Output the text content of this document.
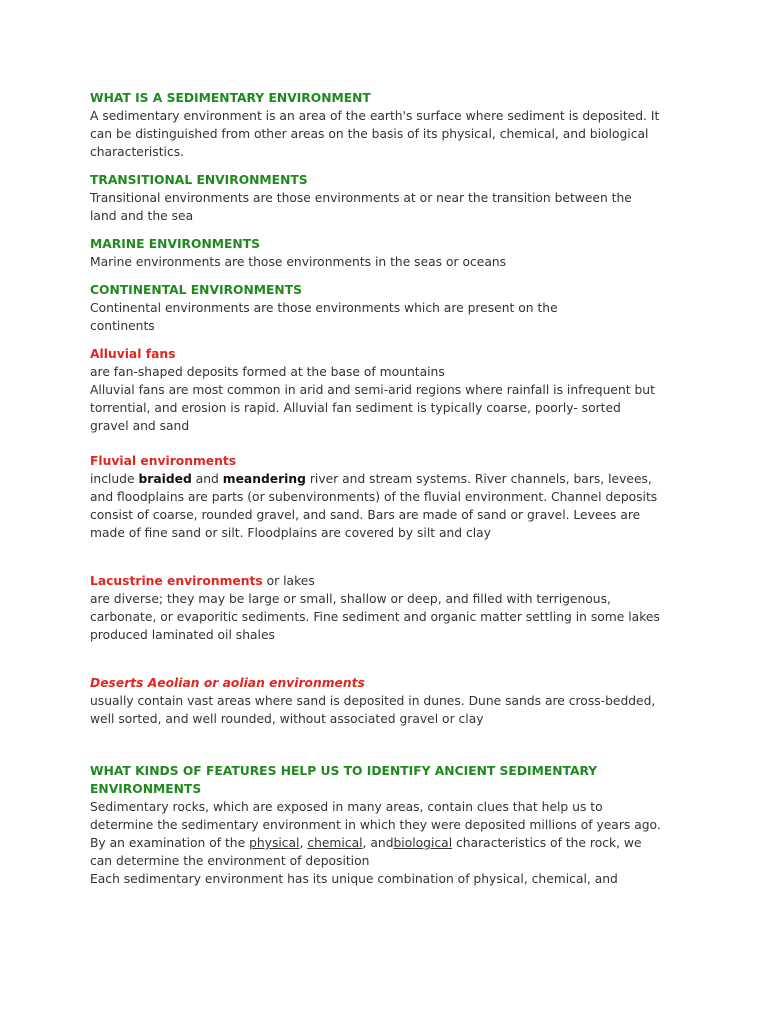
WHAT IS A SEDIMENTARY ENVIRONMENT

A sedimentary environment is an area of the earth's surface where sediment is deposited. It

can be distinguished from other areas on the basis of its physical, chemical, and biological

characteristics.

TRANSITIONAL ENVIRONMENTS

Transitional environments are those environments at or near the transition between the

land and the sea

MARINE ENVIRONMENTS

Marine environments are those environments in the seas or oceans

CONTINENTAL ENVIRONMENTS

Continental environments are those environments which are present on the

continents

Alluvial fans

are fan-shaped deposits formed at the base of mountains

Alluvial fans are most common in arid and semi-arid regions where rainfall is infrequent but

torrential, and erosion is rapid. Alluvial fan sediment is typically coarse, poorly- sorted

gravel and sand

Fluvial environments

include braided and meandering river and stream systems. River channels, bars, levees,

and floodplains are parts (or subenvironments) of the fluvial environment. Channel deposits

consist of coarse, rounded gravel, and sand. Bars are made of sand or gravel. Levees are

made of fine sand or silt. Floodplains are covered by silt and clay

Lacustrine environments or lakes

are diverse; they may be large or small, shallow or deep, and filled with terrigenous,

carbonate, or evaporitic sediments. Fine sediment and organic matter settling in some lakes

produced laminated oil shales

Deserts Aeolian or aolian environments

usually contain vast areas where sand is deposited in dunes. Dune sands are cross-bedded,

well sorted, and well rounded, without associated gravel or clay

WHAT KINDS OF FEATURES HELP US TO IDENTIFY ANCIENT SEDIMENTARY

ENVIRONMENTS

Sedimentary rocks, which are exposed in many areas, contain clues that help us to

determine the sedimentary environment in which they were deposited millions of years ago.

By an examination of the physical, chemical, andbiological characteristics of the rock, we

can determine the environment of deposition

Each sedimentary environment has its unique combination of physical, chemical, and
